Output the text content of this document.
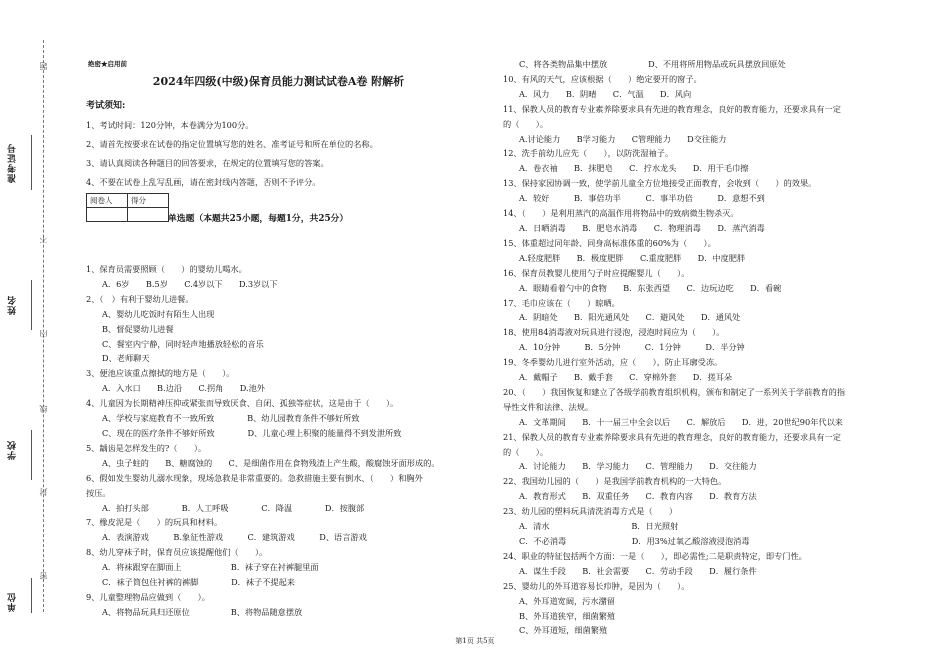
准考证号
姓名
学校
单位
题
不
内
线
封
密
绝密★启用前
2024年四级(中级)保育员能力测试试卷A卷 附解析
考试须知:
1、考试时间：120分钟，本卷满分为100分。
2、请首先按要求在试卷的指定位置填写您的姓名、准考证号和所在单位的名称。
3、请认真阅读各种题目的回答要求，在规定的位置填写您的答案。
4、不要在试卷上乱写乱画，请在密封线内答题，否则不予评分。
阅卷人	得分

单选题（本题共25小题，每题1分，共25分）
1、保育员需要照顾（　　）的婴幼儿喝水。
A．6岁　　B.5岁　　C.4岁以下　　D.3岁以下
2、（　）有利于婴幼儿进餐。
A、婴幼儿吃饭时有陌生人出现
B、督促婴幼儿进餐
C、餐室内宁静，同时轻声地播放轻松的音乐
D、老师聊天
3、便池应该重点擦拭的地方是（　　）。
A．入水口　　B.边沿　　C.拐角　　D.池外
4、儿童因为长期精神压抑或紧张而导致厌食、自闭、孤独等症状，这是由于（　　）。
A、学校与家庭教育不一致所致　　　　B、幼儿园教育条件不够好所致
C、现在的医疗条件不够好所致　　　　D、儿童心理上积聚的能量得不到发泄所致
5、龋齿是怎样发生的?（　　）。
A、虫子蛀的　　B、糖腐蚀的　　C、是细菌作用在食物残渣上产生酸，酸腐蚀牙面形成的。
6、假如发生婴幼儿溺水现象，现场急救是非常重要的。急救措施主要有倒水、（　　）和胸外
按压。
A．拍打头部　　　　B．人工呼吸　　　　C．降温　　　　D．按腹部
7、橡皮泥是（　　）的玩具和材料。
A．表演游戏　　　B.象征性游戏　　　C．建筑游戏　　　D、语言游戏
8、幼儿穿袜子时，保育员应该提醒他们（　　）。
A．将袜跟穿在脚面上　　　　　　B．袜子穿在衬裤腿里面
C．袜子筒包住衬裤的裤脚　　　　D．袜子不提起来
9、儿童整理物品应做到（　　）。
A、将物品玩具归还原位　　　　　B、将物品随意摆放
C、将各类物品集中摆放　　　　　D、不用将所用物品或玩具摆放回原处
10、有风的天气，应该根据（　　）绝定要开的窗子。
A．风力　　B．阴晴　　C．气温　　D．风向
11、保教人员的教育专业素养除要求具有先进的教育理念，良好的教育能力，还要求具有一定
的（　　）。
A.讨论能力　　B学习能力　　C管理能力　　D交往能力
12、洗手前幼儿应先（　　），以防洗湿袖子。
A．卷衣袖　　B．抹肥皂　　C．拧水龙头　　D．用干毛巾擦
13、保持家园协调一致，使学前儿童全方位地接受正面教育，会收到（　　）的效果。
A．较好　　　B．事倍功半　　　C．事半功倍　　　D．意想不到
14、（　　）是利用蒸汽的高温作用将物品中的致病微生物杀灭。
A．日晒消毒　　B．肥皂水消毒　　C．物理消毒　　D．蒸汽消毒
15、体重超过同年龄、同身高标准体重的60%为（　　）。
A.轻度肥胖　　B．极度肥胖　　C.重度肥胖　　D．中度肥胖
16、保育员教婴儿使用勺子时应提醒婴儿（　　）。
A．眼睛看着勺中的食物　　B．东张西望　　C．边玩边吃　　D．看碗
17、毛巾应该在（　　）晾晒。
A．阴暗处　　B．阳光通风处　　C．避风处　　D．通风处
18、使用84消毒液对玩具进行浸泡，浸泡时间应为（　　）。
A．10分钟　　　B．5分钟　　　C．1分钟　　　D．半分钟
19、冬季婴幼儿进行室外活动，应（　　），防止耳廓受冻。
A．戴帽子　　B．戴手套　　C．穿棉外套　　D．搓耳朵
20、（　　）我国恢复和建立了各级学前教育组织机构，颁布和制定了一系列关于学前教育的指
导性文件和法律、法规。
A．文革期间　　B．十一届三中全会以后　　C．解放后　　D．进，20世纪90年代以来
21、保教人员的教育专业素养除要求具有先进的教育理念，良好的教育能力，还要求具有一定
的（　　）。
A．讨论能力　　B．学习能力　　C．管理能力　　D．交往能力
22、我国幼儿园的（　　）是我国学前教育机构的一大特色。
A．教育形式　　B．双重任务　　C．教育内容　　D．教育方法
23、幼儿园的塑料玩具清洗消毒方式是（　　）
A．清水　　　　　　　　　　B．日光照射
C．不必消毒　　　　　　　　D．用3%过氧乙酸溶液浸泡消毒
24、职业的特征包括两个方面：一是（　　），即必需性;二是职责特定，即专门性。
A．谋生手段　　B．社会需要　　C．劳动手段　　D．履行条件
25、婴幼儿的外耳道容易长疖肿，是因为（　　）。
A、外耳道宽阔，污水潴留
B、外耳道狭窄，细菌繁殖
C、外耳道短，细菌繁殖
第1页 共5页
